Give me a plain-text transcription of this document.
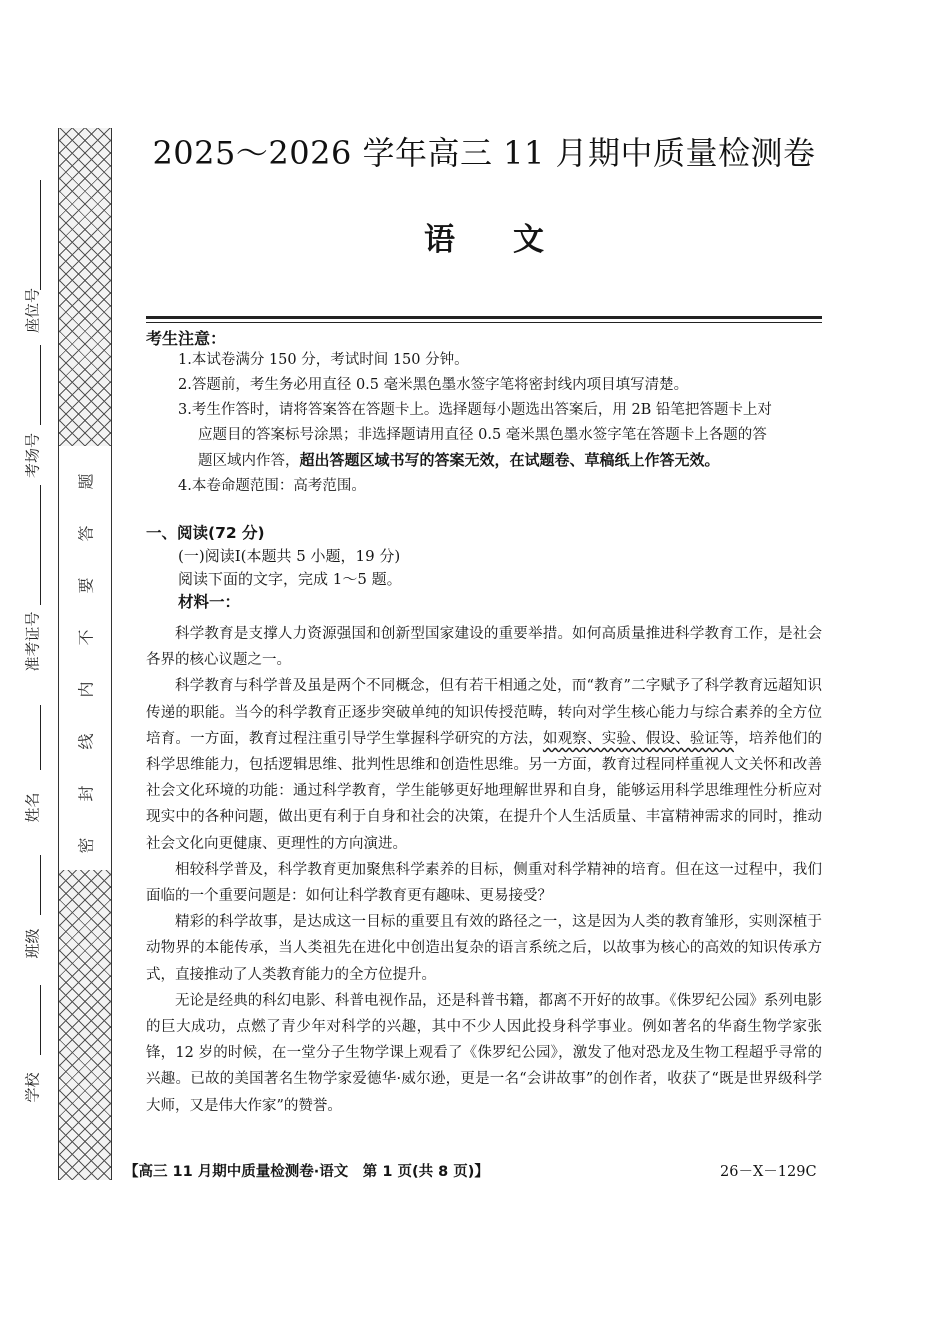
座位号
考场号
准考证号
姓名
班级
学校
密
封
线
内
不
要
答
题
2025～2026 学年高三 11 月期中质量检测卷
语文
考生注意：
1.本试卷满分 150 分，考试时间 150 分钟。
2.答题前，考生务必用直径 0.5 毫米黑色墨水签字笔将密封线内项目填写清楚。
3.考生作答时，请将答案答在答题卡上。选择题每小题选出答案后，用 2B 铅笔把答题卡上对
应题目的答案标号涂黑；非选择题请用直径 0.5 毫米黑色墨水签字笔在答题卡上各题的答
题区域内作答，超出答题区域书写的答案无效，在试题卷、草稿纸上作答无效。
4.本卷命题范围：高考范围。
一、阅读(72 分)
(一)阅读Ⅰ(本题共 5 小题，19 分)
阅读下面的文字，完成 1～5 题。
材料一：

科学教育是支撑人力资源强国和创新型国家建设的重要举措。如何高质量推进科学教育工作，是社会各界的核心议题之一。

科学教育与科学普及虽是两个不同概念，但有若干相通之处，而“教育”二字赋予了科学教育远超知识传递的职能。当今的科学教育正逐步突破单纯的知识传授范畴，转向对学生核心能力与综合素养的全方位培育。一方面，教育过程注重引导学生掌握科学研究的方法，如观察、实验、假设、验证等，培养他们的科学思维能力，包括逻辑思维、批判性思维和创造性思维。另一方面，教育过程同样重视人文关怀和改善社会文化环境的功能：通过科学教育，学生能够更好地理解世界和自身，能够运用科学思维理性分析应对现实中的各种问题，做出更有利于自身和社会的决策，在提升个人生活质量、丰富精神需求的同时，推动社会文化向更健康、更理性的方向演进。

相较科学普及，科学教育更加聚焦科学素养的目标，侧重对科学精神的培育。但在这一过程中，我们面临的一个重要问题是：如何让科学教育更有趣味、更易接受？

精彩的科学故事，是达成这一目标的重要且有效的路径之一，这是因为人类的教育雏形，实则深植于动物界的本能传承，当人类祖先在进化中创造出复杂的语言系统之后，以故事为核心的高效的知识传承方式，直接推动了人类教育能力的全方位提升。

无论是经典的科幻电影、科普电视作品，还是科普书籍，都离不开好的故事。《侏罗纪公园》系列电影的巨大成功，点燃了青少年对科学的兴趣，其中不少人因此投身科学事业。例如著名的华裔生物学家张锋，12 岁的时候，在一堂分子生物学课上观看了《侏罗纪公园》，激发了他对恐龙及生物工程超乎寻常的兴趣。已故的美国著名生物学家爱德华·威尔逊，更是一名“会讲故事”的创作者，收获了“既是世界级科学大师，又是伟大作家”的赞誉。

【高三 11 月期中质量检测卷·语文　第 1 页(共 8 页)】	26－X－129C
